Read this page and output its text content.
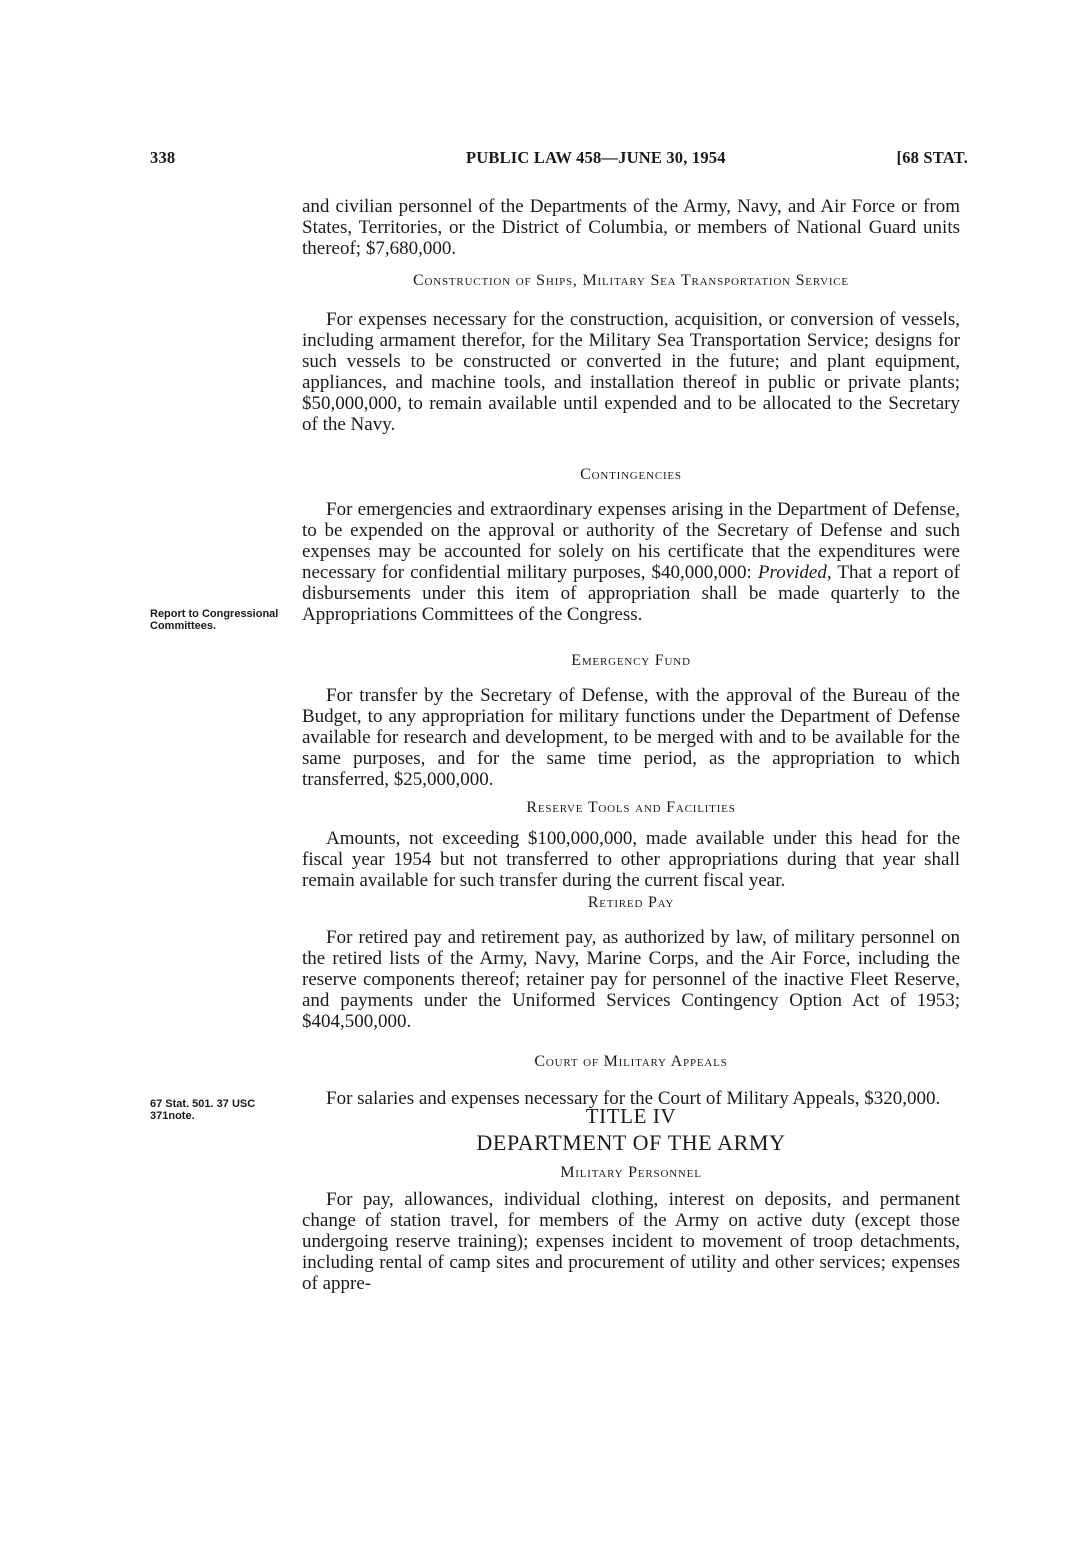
338	PUBLIC LAW 458—JUNE 30, 1954	[68 STAT.
Report to Congressional Committees.
67 Stat. 501. 37 USC 371note.

and civilian personnel of the Departments of the Army, Navy, and Air Force or from States, Territories, or the District of Columbia, or members of National Guard units thereof; $7,680,000.

Construction of Ships, Military Sea Transportation Service

For expenses necessary for the construction, acquisition, or conversion of vessels, including armament therefor, for the Military Sea Transportation Service; designs for such vessels to be constructed or converted in the future; and plant equipment, appliances, and machine tools, and installation thereof in public or private plants; $50,000,000, to remain available until expended and to be allocated to the Secretary of the Navy.

Contingencies

For emergencies and extraordinary expenses arising in the Department of Defense, to be expended on the approval or authority of the Secretary of Defense and such expenses may be accounted for solely on his certificate that the expenditures were necessary for confidential military purposes, $40,000,000: Provided, That a report of disbursements under this item of appropriation shall be made quarterly to the Appropriations Committees of the Congress.

Emergency Fund

For transfer by the Secretary of Defense, with the approval of the Bureau of the Budget, to any appropriation for military functions under the Department of Defense available for research and development, to be merged with and to be available for the same purposes, and for the same time period, as the appropriation to which transferred, $25,000,000.

Reserve Tools and Facilities

Amounts, not exceeding $100,000,000, made available under this head for the fiscal year 1954 but not transferred to other appropriations during that year shall remain available for such transfer during the current fiscal year.

Retired Pay

For retired pay and retirement pay, as authorized by law, of military personnel on the retired lists of the Army, Navy, Marine Corps, and the Air Force, including the reserve components thereof; retainer pay for personnel of the inactive Fleet Reserve, and payments under the Uniformed Services Contingency Option Act of 1953; $404,500,000.

Court of Military Appeals

For salaries and expenses necessary for the Court of Military Appeals, $320,000.

TITLE IV
DEPARTMENT OF THE ARMY
Military Personnel

For pay, allowances, individual clothing, interest on deposits, and permanent change of station travel, for members of the Army on active duty (except those undergoing reserve training); expenses incident to movement of troop detachments, including rental of camp sites and procurement of utility and other services; expenses of appre-
